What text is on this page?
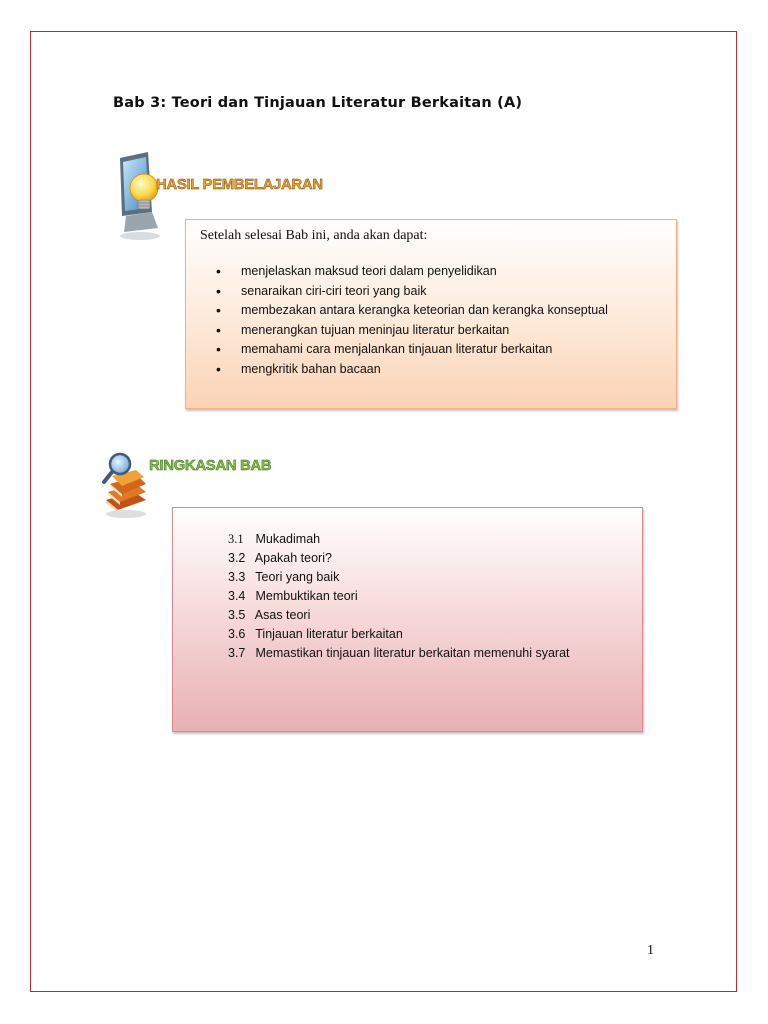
Bab 3: Teori dan Tinjauan Literatur Berkaitan (A)
HASIL PEMBELAJARAN
Setelah selesai Bab ini, anda akan dapat:
• menjelaskan maksud teori dalam penyelidikan
• senaraikan ciri-ciri teori yang baik
• membezakan antara kerangka keteorian dan kerangka konseptual
• menerangkan tujuan meninjau literatur berkaitan
• memahami cara menjalankan tinjauan literatur berkaitan
• mengkritik bahan bacaan
RINGKASAN BAB
3.1 Mukadimah
3.2 Apakah teori?
3.3 Teori yang baik
3.4 Membuktikan teori
3.5 Asas teori
3.6 Tinjauan literatur berkaitan
3.7 Memastikan tinjauan literatur berkaitan memenuhi syarat
1
